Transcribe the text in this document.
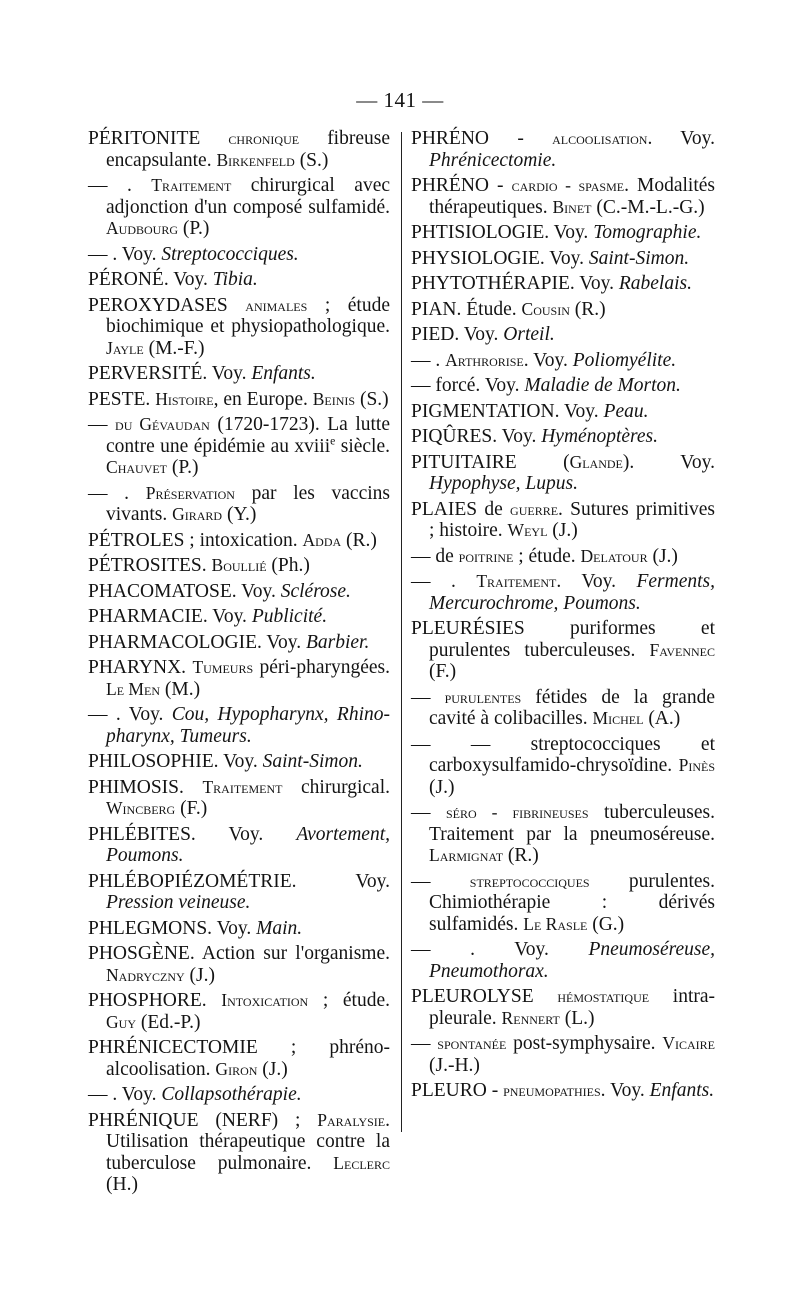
— 141 —

PÉRITONITE chronique fibreuse encapsulante. Birkenfeld (S.)

— . Traitement chirurgical avec adjonction d'un composé sulfamidé. Audbourg (P.)

— . Voy. Streptococciques.

PÉRONÉ. Voy. Tibia.

PEROXYDASES animales ; étude biochimique et physiopathologique. Jayle (M.-F.)

PERVERSITÉ. Voy. Enfants.

PESTE. Histoire, en Europe. Beinis (S.)

— du Gévaudan (1720-1723). La lutte contre une épidémie au xviii$^e$ siècle. Chauvet (P.)

— . Préservation par les vaccins vivants. Girard (Y.)

PÉTROLES ; intoxication. Adda (R.)

PÉTROSITES. Boullié (Ph.)

PHACOMATOSE. Voy. Sclérose.

PHARMACIE. Voy. Publicité.

PHARMACOLOGIE. Voy. Barbier.

PHARYNX. Tumeurs péri-pharyngées. Le Men (M.)

— . Voy. Cou, Hypopharynx, Rhino-pharynx, Tumeurs.

PHILOSOPHIE. Voy. Saint-Simon.

PHIMOSIS. Traitement chirurgical. Wincberg (F.)

PHLÉBITES. Voy. Avortement, Poumons.

PHLÉBOPIÉZOMÉTRIE. Voy. Pression veineuse.

PHLEGMONS. Voy. Main.

PHOSGÈNE. Action sur l'organisme. Nadryczny (J.)

PHOSPHORE. Intoxication ; étude. Guy (Ed.-P.)

PHRÉNICECTOMIE ; phréno-alcoolisation. Giron (J.)

— . Voy. Collapsothérapie.

PHRÉNIQUE (NERF) ; Paralysie. Utilisation thérapeutique contre la tuberculose pulmonaire. Leclerc (H.)

PHRÉNO - alcoolisation. Voy. Phrénicectomie.

PHRÉNO - cardio - spasme. Modalités thérapeutiques. Binet (C.-M.-L.-G.)

PHTISIOLOGIE. Voy. Tomographie.

PHYSIOLOGIE. Voy. Saint-Simon.

PHYTOTHÉRAPIE. Voy. Rabelais.

PIAN. Étude. Cousin (R.)

PIED. Voy. Orteil.

— . Arthrorise. Voy. Poliomyélite.

— forcé. Voy. Maladie de Morton.

PIGMENTATION. Voy. Peau.

PIQÛRES. Voy. Hyménoptères.

PITUITAIRE (Glande). Voy. Hypophyse, Lupus.

PLAIES de guerre. Sutures primitives ; histoire. Weyl (J.)

— de poitrine ; étude. Delatour (J.)

— . Traitement. Voy. Ferments, Mercurochrome, Poumons.

PLEURÉSIES puriformes et purulentes tuberculeuses. Favennec (F.)

— purulentes fétides de la grande cavité à colibacilles. Michel (A.)

— — streptococciques et carboxysulfamido-chrysoïdine. Pinès (J.)

— séro - fibrineuses tuberculeuses. Traitement par la pneumoséreuse. Larmignat (R.)

— streptococciques purulentes. Chimiothérapie : dérivés sulfamidés. Le Rasle (G.)

— . Voy. Pneumoséreuse, Pneumothorax.

PLEUROLYSE hémostatique intra-pleurale. Rennert (L.)

— spontanée post-symphysaire. Vicaire (J.-H.)

PLEURO - pneumopathies. Voy. Enfants.
